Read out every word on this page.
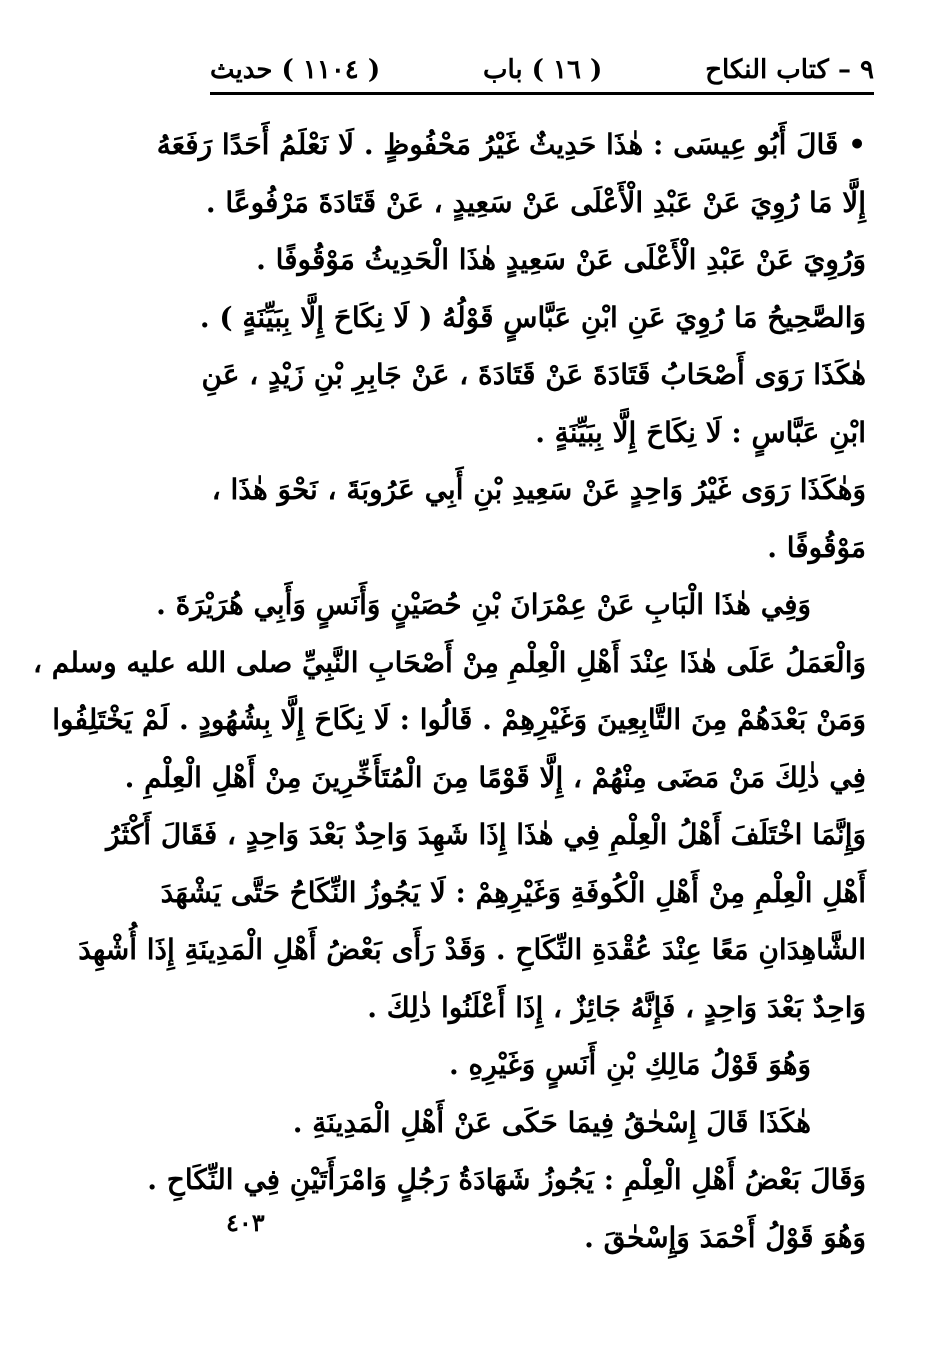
٩ – كتاب النكاح
( ١٦ ) باب
( ١١٠٤ ) حديث

• قَالَ أَبُو عِيسَى : هٰذَا حَدِيثٌ غَيْرُ مَحْفُوظٍ . لَا نَعْلَمُ أَحَدًا رَفَعَهُ

إِلَّا مَا رُوِيَ عَنْ عَبْدِ الْأَعْلَى عَنْ سَعِيدٍ ، عَنْ قَتَادَةَ مَرْفُوعًا .

وَرُوِيَ عَنْ عَبْدِ الْأَعْلَى عَنْ سَعِيدٍ هٰذَا الْحَدِيثُ مَوْقُوفًا .

وَالصَّحِيحُ مَا رُوِيَ عَنِ ابْنِ عَبَّاسٍ قَوْلُهُ ( لَا نِكَاحَ إِلَّا بِبَيِّنَةٍ ) .

هٰكَذَا رَوَى أَصْحَابُ قَتَادَةَ عَنْ قَتَادَةَ ، عَنْ جَابِرِ بْنِ زَيْدٍ ، عَنِ

ابْنِ عَبَّاسٍ : لَا نِكَاحَ إِلَّا بِبَيِّنَةٍ .

وَهٰكَذَا رَوَى غَيْرُ وَاحِدٍ عَنْ سَعِيدِ بْنِ أَبِي عَرُوبَةَ ، نَحْوَ هٰذَا ،

مَوْقُوفًا .

وَفِي هٰذَا الْبَابِ عَنْ عِمْرَانَ بْنِ حُصَيْنٍ وَأَنَسٍ وَأَبِي هُرَيْرَةَ .

وَالْعَمَلُ عَلَى هٰذَا عِنْدَ أَهْلِ الْعِلْمِ مِنْ أَصْحَابِ النَّبِيِّ صلى الله عليه وسلم ،

وَمَنْ بَعْدَهُمْ مِنَ التَّابِعِينَ وَغَيْرِهِمْ . قَالُوا : لَا نِكَاحَ إِلَّا بِشُهُودٍ . لَمْ يَخْتَلِفُوا

فِي ذٰلِكَ مَنْ مَضَى مِنْهُمْ ، إِلَّا قَوْمًا مِنَ الْمُتَأَخِّرِينَ مِنْ أَهْلِ الْعِلْمِ .

وَإِنَّمَا اخْتَلَفَ أَهْلُ الْعِلْمِ فِي هٰذَا إِذَا شَهِدَ وَاحِدٌ بَعْدَ وَاحِدٍ ، فَقَالَ أَكْثَرُ

أَهْلِ الْعِلْمِ مِنْ أَهْلِ الْكُوفَةِ وَغَيْرِهِمْ : لَا يَجُوزُ النِّكَاحُ حَتَّى يَشْهَدَ

الشَّاهِدَانِ مَعًا عِنْدَ عُقْدَةِ النِّكَاحِ . وَقَدْ رَأَى بَعْضُ أَهْلِ الْمَدِينَةِ إِذَا أُشْهِدَ

وَاحِدٌ بَعْدَ وَاحِدٍ ، فَإِنَّهُ جَائِزٌ ، إِذَا أَعْلَنُوا ذٰلِكَ .

وَهُوَ قَوْلُ مَالِكِ بْنِ أَنَسٍ وَغَيْرِهِ .

هٰكَذَا قَالَ إِسْحٰقُ فِيمَا حَكَى عَنْ أَهْلِ الْمَدِينَةِ .

وَقَالَ بَعْضُ أَهْلِ الْعِلْمِ : يَجُوزُ شَهَادَةُ رَجُلٍ وَامْرَأَتَيْنِ فِي النِّكَاحِ .

وَهُوَ قَوْلُ أَحْمَدَ وَإِسْحٰقَ .

٤٠٣
